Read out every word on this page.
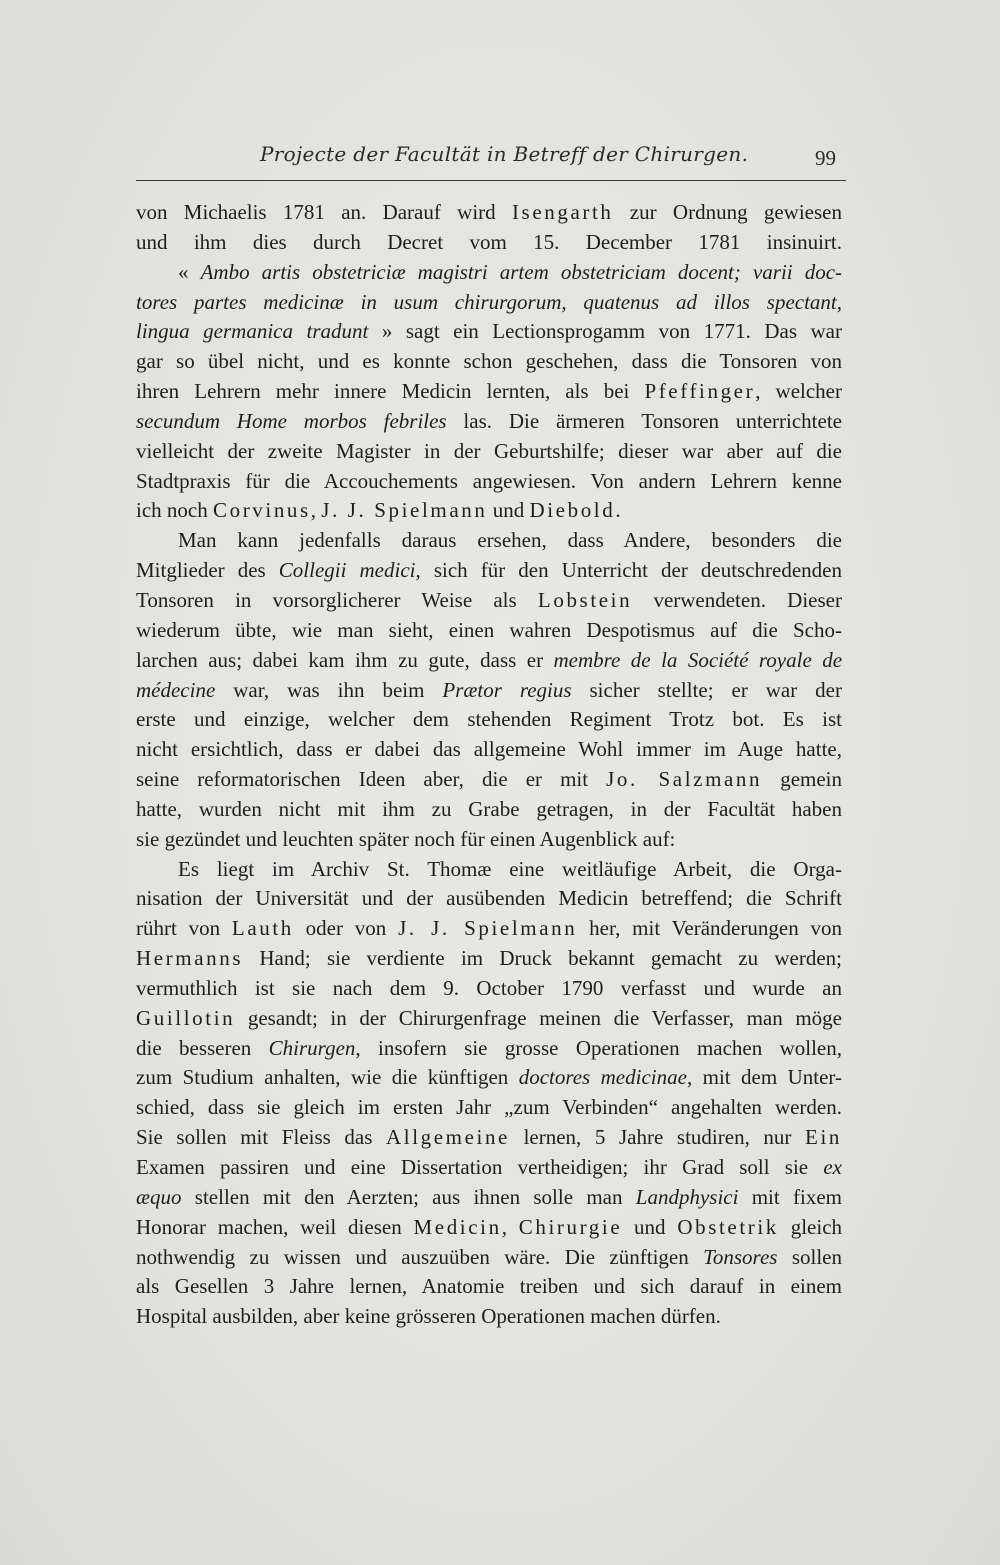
Projecte der Facultät in Betreff der Chirurgen.	99
von Michaelis 1781 an. Darauf wird Isengarth zur Ordnung gewiesen
und ihm dies durch Decret vom 15. December 1781 insinuirt.
« Ambo artis obstetriciæ magistri artem obstetriciam docent; varii doc-
tores partes medicinæ in usum chirurgorum, quatenus ad illos spectant,
lingua germanica tradunt » sagt ein Lectionsprogamm von 1771. Das war
gar so übel nicht, und es konnte schon geschehen, dass die Tonsoren von
ihren Lehrern mehr innere Medicin lernten, als bei Pfeffinger, welcher
secundum Home morbos febriles las. Die ärmeren Tonsoren unterrichtete
vielleicht der zweite Magister in der Geburtshilfe; dieser war aber auf die
Stadtpraxis für die Accouchements angewiesen. Von andern Lehrern kenne
ich noch Corvinus, J. J. Spielmann und Diebold.
Man kann jedenfalls daraus ersehen, dass Andere, besonders die
Mitglieder des Collegii medici, sich für den Unterricht der deutschredenden
Tonsoren in vorsorglicherer Weise als Lobstein verwendeten. Dieser
wiederum übte, wie man sieht, einen wahren Despotismus auf die Scho-
larchen aus; dabei kam ihm zu gute, dass er membre de la Société royale de
médecine war, was ihn beim Prætor regius sicher stellte; er war der
erste und einzige, welcher dem stehenden Regiment Trotz bot. Es ist
nicht ersichtlich, dass er dabei das allgemeine Wohl immer im Auge hatte,
seine reformatorischen Ideen aber, die er mit Jo. Salzmann gemein
hatte, wurden nicht mit ihm zu Grabe getragen, in der Facultät haben
sie gezündet und leuchten später noch für einen Augenblick auf:
Es liegt im Archiv St. Thomæ eine weitläufige Arbeit, die Orga-
nisation der Universität und der ausübenden Medicin betreffend; die Schrift
rührt von Lauth oder von J. J. Spielmann her, mit Veränderungen von
Hermanns Hand; sie verdiente im Druck bekannt gemacht zu werden;
vermuthlich ist sie nach dem 9. October 1790 verfasst und wurde an
Guillotin gesandt; in der Chirurgenfrage meinen die Verfasser, man möge
die besseren Chirurgen, insofern sie grosse Operationen machen wollen,
zum Studium anhalten, wie die künftigen doctores medicinae, mit dem Unter-
schied, dass sie gleich im ersten Jahr „zum Verbinden“ angehalten werden.
Sie sollen mit Fleiss das Allgemeine lernen, 5 Jahre studiren, nur Ein
Examen passiren und eine Dissertation vertheidigen; ihr Grad soll sie ex
æquo stellen mit den Aerzten; aus ihnen solle man Landphysici mit fixem
Honorar machen, weil diesen Medicin, Chirurgie und Obstetrik gleich
nothwendig zu wissen und auszuüben wäre. Die zünftigen Tonsores sollen
als Gesellen 3 Jahre lernen, Anatomie treiben und sich darauf in einem
Hospital ausbilden, aber keine grösseren Operationen machen dürfen.
